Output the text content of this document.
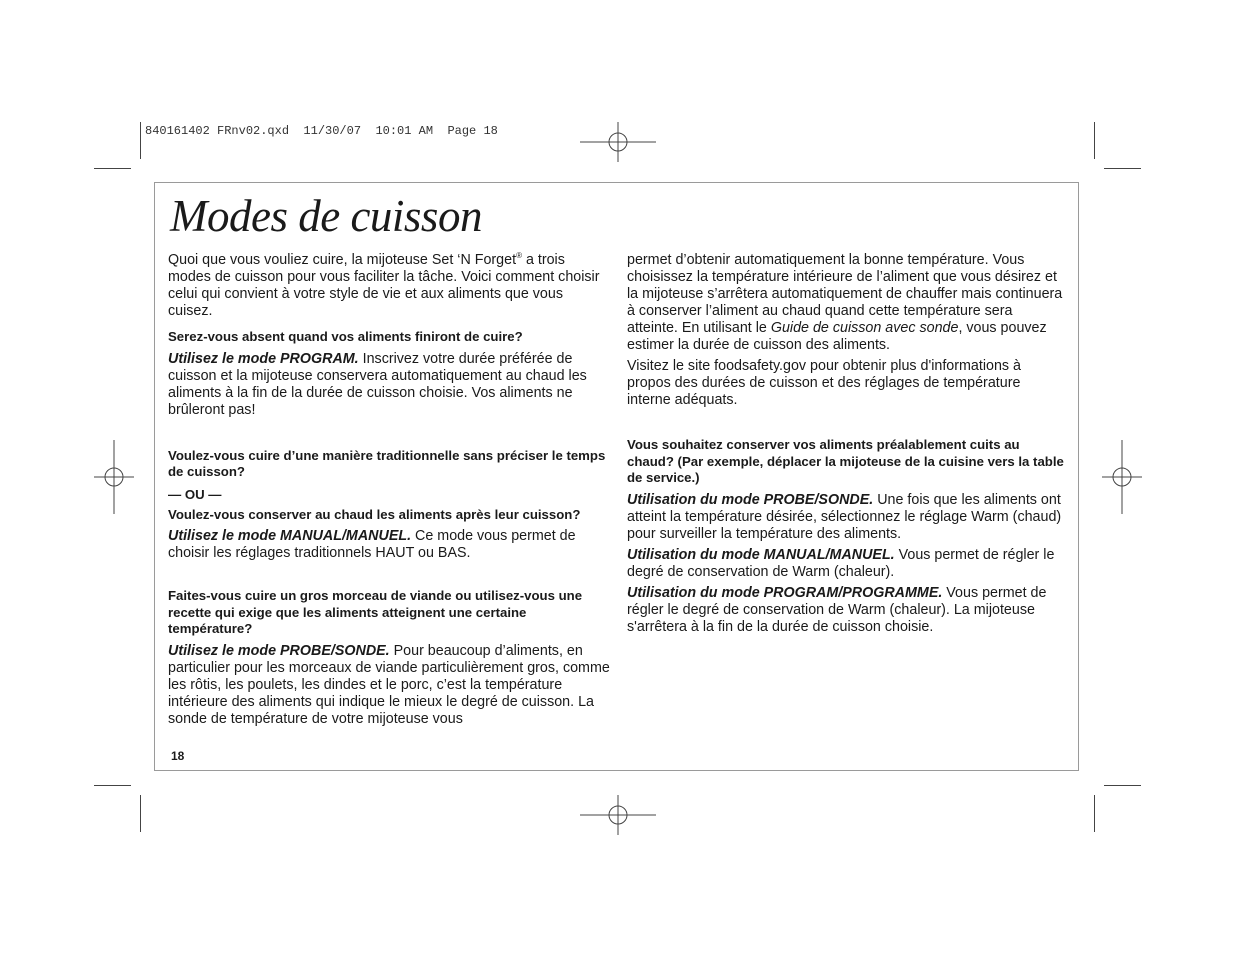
840161402 FRnv02.qxd  11/30/07  10:01 AM  Page 18
Modes de cuisson

Quoi que vous vouliez cuire, la mijoteuse Set ‘N Forget® a trois modes de cuisson pour vous faciliter la tâche. Voici comment choisir celui qui convient à votre style de vie et aux aliments que vous cuisez.

Serez-vous absent quand vos aliments finiront de cuire?

Utilisez le mode PROGRAM. Inscrivez votre durée préférée de cuisson et la mijoteuse conservera automatiquement au chaud les aliments à la fin de la durée de cuisson choisie. Vos aliments ne brûleront pas!

Voulez-vous cuire d’une manière traditionnelle sans préciser le temps de cuisson?

— OU —

Voulez-vous conserver au chaud les aliments après leur cuisson?

Utilisez le mode MANUAL/MANUEL. Ce mode vous permet de choisir les réglages traditionnels HAUT ou BAS.

Faites-vous cuire un gros morceau de viande ou utilisez-vous une recette qui exige que les aliments atteignent une certaine température?

Utilisez le mode PROBE/SONDE. Pour beaucoup d’aliments, en particulier pour les morceaux de viande particulièrement gros, comme les rôtis, les poulets, les dindes et le porc, c’est la température intérieure des aliments qui indique le mieux le degré de cuisson. La sonde de température de votre mijoteuse vous

permet d’obtenir automatiquement la bonne température. Vous choisissez la température intérieure de l’aliment que vous désirez et la mijoteuse s’arrêtera automatiquement de chauffer mais continuera à conserver l’aliment au chaud quand cette température sera atteinte. En utilisant le Guide de cuisson avec sonde, vous pouvez estimer la durée de cuisson des aliments.

Visitez le site foodsafety.gov pour obtenir plus d'informations à propos des durées de cuisson et des réglages de température interne adéquats.

Vous souhaitez conserver vos aliments préalablement cuits au chaud? (Par exemple, déplacer la mijoteuse de la cuisine vers la table de service.)

Utilisation du mode PROBE/SONDE. Une fois que les aliments ont atteint la température désirée, sélectionnez le réglage Warm (chaud) pour surveiller la température des aliments.

Utilisation du mode MANUAL/MANUEL. Vous permet de régler le degré de conservation de Warm (chaleur).

Utilisation du mode PROGRAM/PROGRAMME. Vous permet de régler le degré de conservation de Warm (chaleur). La mijoteuse s'arrêtera à la fin de la durée de cuisson choisie.

18
